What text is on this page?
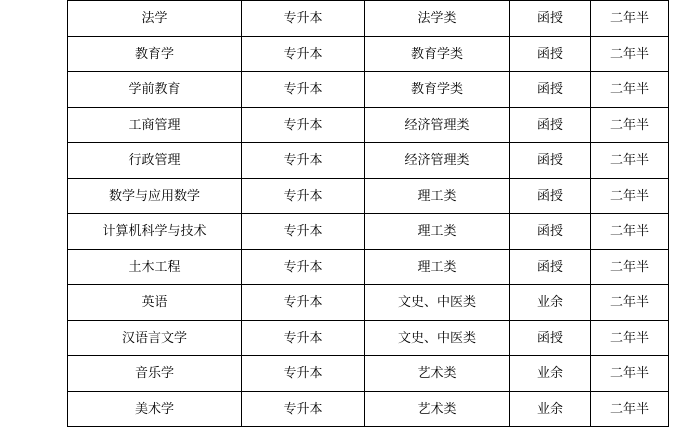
法学	专升本	法学类	函授	二年半
教育学	专升本	教育学类	函授	二年半
学前教育	专升本	教育学类	函授	二年半
工商管理	专升本	经济管理类	函授	二年半
行政管理	专升本	经济管理类	函授	二年半
数学与应用数学	专升本	理工类	函授	二年半
计算机科学与技术	专升本	理工类	函授	二年半
土木工程	专升本	理工类	函授	二年半
英语	专升本	文史、中医类	业余	二年半
汉语言文学	专升本	文史、中医类	函授	二年半
音乐学	专升本	艺术类	业余	二年半
美术学	专升本	艺术类	业余	二年半
